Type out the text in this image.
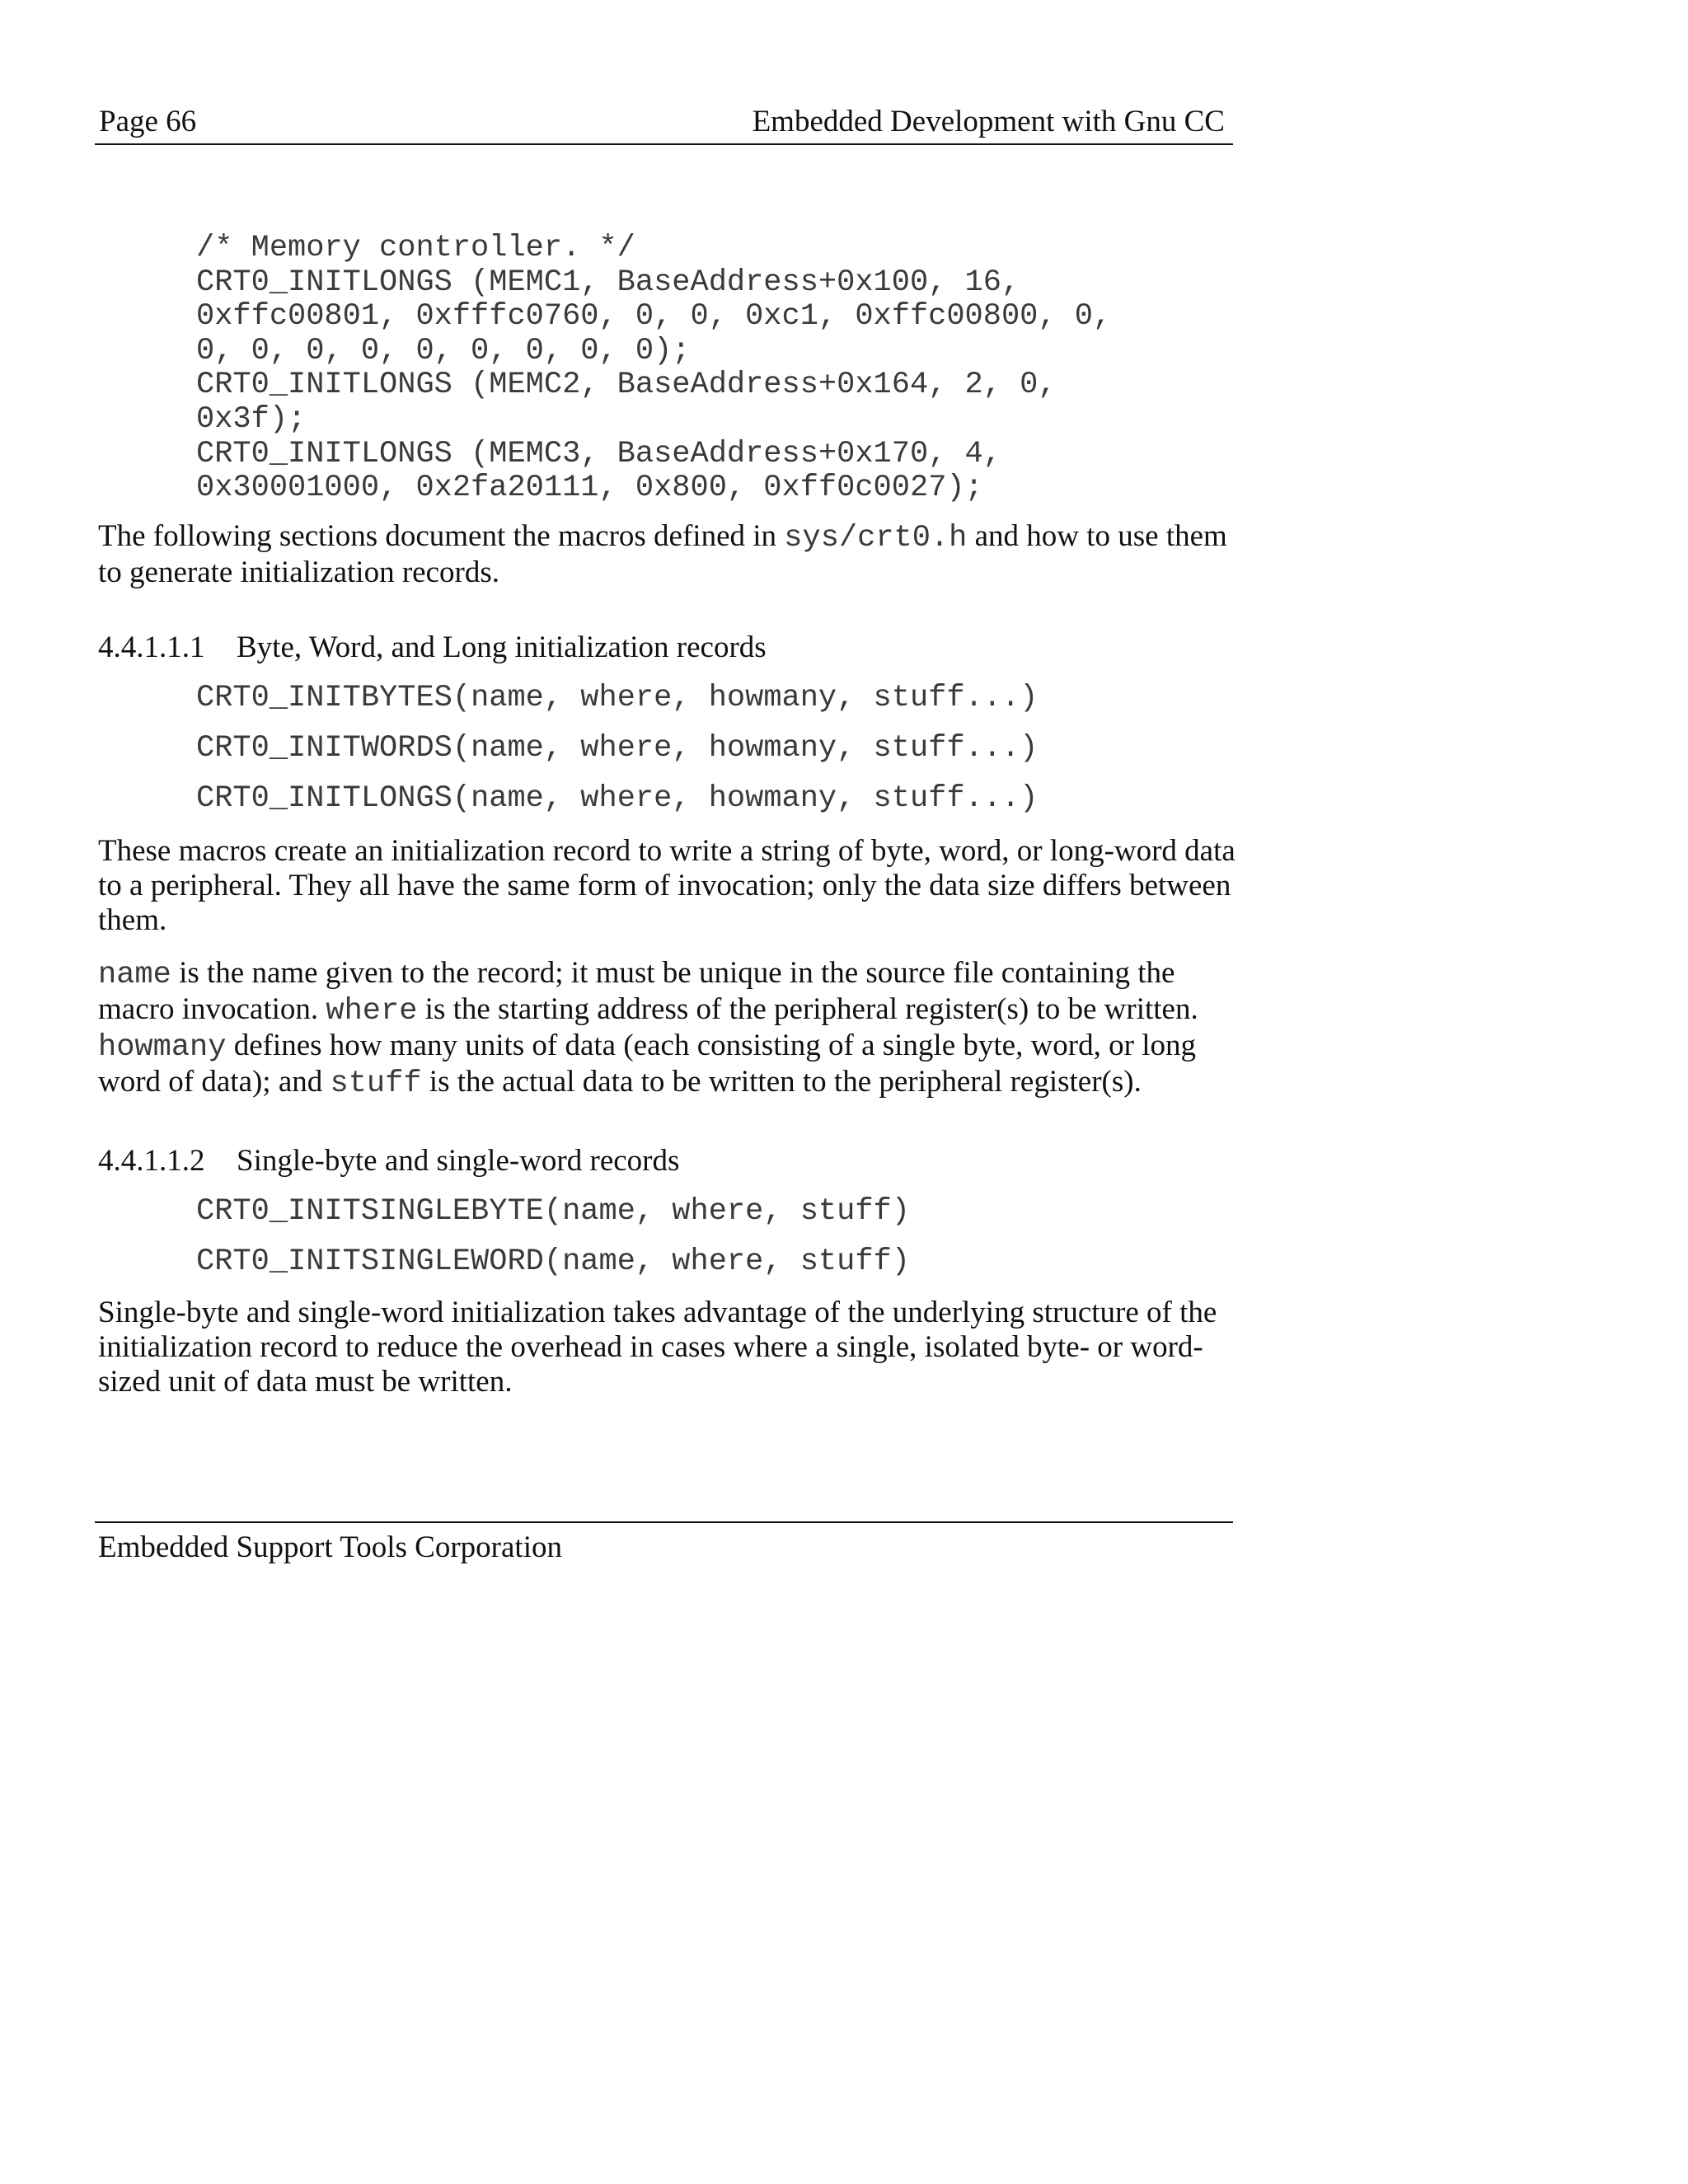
Page 66	Embedded Development with Gnu CC
/* Memory controller. */
CRT0_INITLONGS (MEMC1, BaseAddress+0x100, 16,
0xffc00801, 0xfffc0760, 0, 0, 0xc1, 0xffc00800, 0,
0, 0, 0, 0, 0, 0, 0, 0, 0);
CRT0_INITLONGS (MEMC2, BaseAddress+0x164, 2, 0,
0x3f);
CRT0_INITLONGS (MEMC3, BaseAddress+0x170, 4,
0x30001000, 0x2fa20111, 0x800, 0xff0c0027);

The following sections document the macros defined in sys/crt0.h and how to use them to generate initialization records.

4.4.1.1.1 Byte, Word, and Long initialization records

CRT0_INITBYTES(name, where, howmany, stuff...)

CRT0_INITWORDS(name, where, howmany, stuff...)

CRT0_INITLONGS(name, where, howmany, stuff...)

These macros create an initialization record to write a string of byte, word, or long-word data to a peripheral. They all have the same form of invocation; only the data size differs between them.

name is the name given to the record; it must be unique in the source file containing the macro invocation. where is the starting address of the peripheral register(s) to be written. howmany defines how many units of data (each consisting of a single byte, word, or long word of data); and stuff is the actual data to be written to the peripheral register(s).

4.4.1.1.2 Single-byte and single-word records

CRT0_INITSINGLEBYTE(name, where, stuff)

CRT0_INITSINGLEWORD(name, where, stuff)

Single-byte and single-word initialization takes advantage of the underlying structure of the initialization record to reduce the overhead in cases where a single, isolated byte- or word-sized unit of data must be written.

Embedded Support Tools Corporation
